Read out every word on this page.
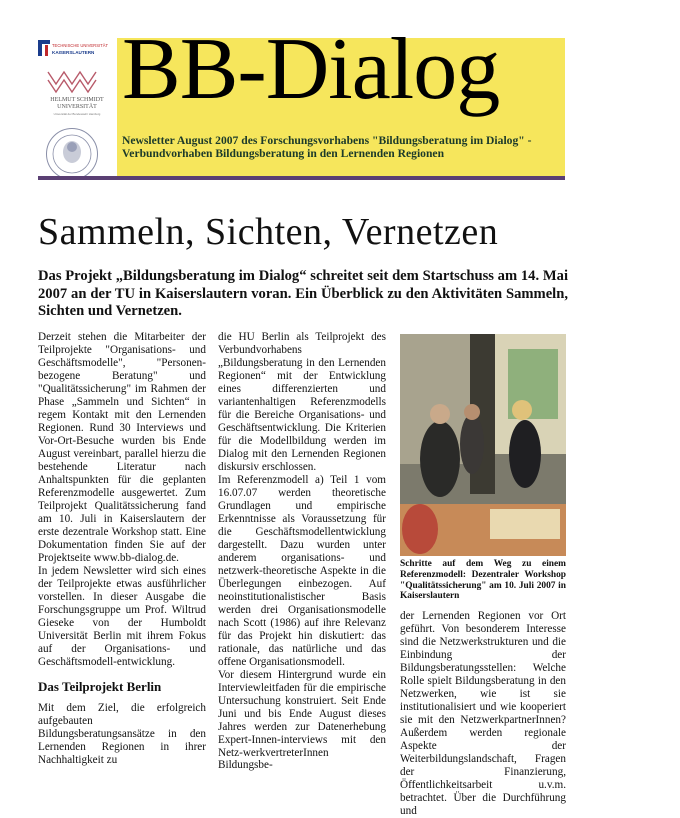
TECHNISCHE UNIVERSITÄT
KAISERSLAUTERN
HELMUT SCHMIDT
UNIVERSITÄT
Universität der Bundeswehr Hamburg BB-Dialog
Newsletter August 2007 des Forschungsvorhabens "Bildungsberatung im Dialog" - Verbundvorhaben Bildungsberatung in den Lernenden Regionen
Sammeln, Sichten, Vernetzen
Das Projekt „Bildungsberatung im Dialog“ schreitet seit dem Startschuss am 14. Mai 2007 an der TU in Kaiserslautern voran. Ein Überblick zu den Aktivitäten Sammeln, Sichten und Vernetzen.

Derzeit stehen die Mitarbeiter der Teilprojekte "Organisations- und Geschäftsmodelle", "Personen-bezogene Beratung" und "Qualitätssicherung" im Rahmen der Phase „Sammeln und Sichten“ in regem Kontakt mit den Lernenden Regionen. Rund 30 Interviews und Vor-Ort-Besuche wurden bis Ende August vereinbart, parallel hierzu die bestehende Literatur nach Anhaltspunkten für die geplanten Referenzmodelle ausgewertet. Zum Teilprojekt Qualitätssicherung fand am 10. Juli in Kaiserslautern der erste dezentrale Workshop statt. Eine Dokumentation finden Sie auf der Projektseite www.bb-dialog.de.

In jedem Newsletter wird sich eines der Teilprojekte etwas ausführlicher vorstellen. In dieser Ausgabe die Forschungsgruppe um Prof. Wiltrud Gieseke von der Humboldt Universität Berlin mit ihrem Fokus auf der Organisations- und Geschäftsmodell-entwicklung.

Das Teilprojekt Berlin

Mit dem Ziel, die erfolgreich aufgebauten Bildungsberatungsansätze in den Lernenden Regionen in ihrer Nachhaltigkeit zu

die HU Berlin als Teilprojekt des Verbundvorhabens „Bildungsberatung in den Lernenden Regionen“ mit der Entwicklung eines differenzierten und variantenhaltigen Referenzmodells für die Bereiche Organisations- und Geschäftsentwicklung. Die Kriterien für die Modellbildung werden im Dialog mit den Lernenden Regionen diskursiv erschlossen.

Im Referenzmodell a) Teil 1 vom 16.07.07 werden theoretische Grundlagen und empirische Erkenntnisse als Voraussetzung für die Geschäftsmodellentwicklung dargestellt. Dazu wurden unter anderem organisations- und netzwerk-theoretische Aspekte in die Überlegungen einbezogen. Auf neoinstitutionalistischer Basis werden drei Organisationsmodelle nach Scott (1986) auf ihre Relevanz für das Projekt hin diskutiert: das rationale, das natürliche und das offene Organisationsmodell.

Vor diesem Hintergrund wurde ein Interviewleitfaden für die empirische Untersuchung konstruiert. Seit Ende Juni und bis Ende August dieses Jahres werden zur Datenerhebung Expert-Innen-interviews mit den Netz-werkvertreterInnen Bildungsbe-

Schritte auf dem Weg zu einem Referenzmodell: Dezentraler Workshop "Qualitätssicherung" am 10. Juli 2007 in Kaiserslautern

der Lernenden Regionen vor Ort geführt. Von besonderem Interesse sind die Netzwerkstrukturen und die Einbindung der Bildungsberatungsstellen: Welche Rolle spielt Bildungsberatung in den Netzwerken, wie ist sie institutionalisiert und wie kooperiert sie mit den NetzwerkpartnerInnen? Außerdem werden regionale Aspekte der Weiterbildungslandschaft, Fragen der Finanzierung, Öffentlichkeitsarbeit u.v.m. betrachtet. Über die Durchführung und
